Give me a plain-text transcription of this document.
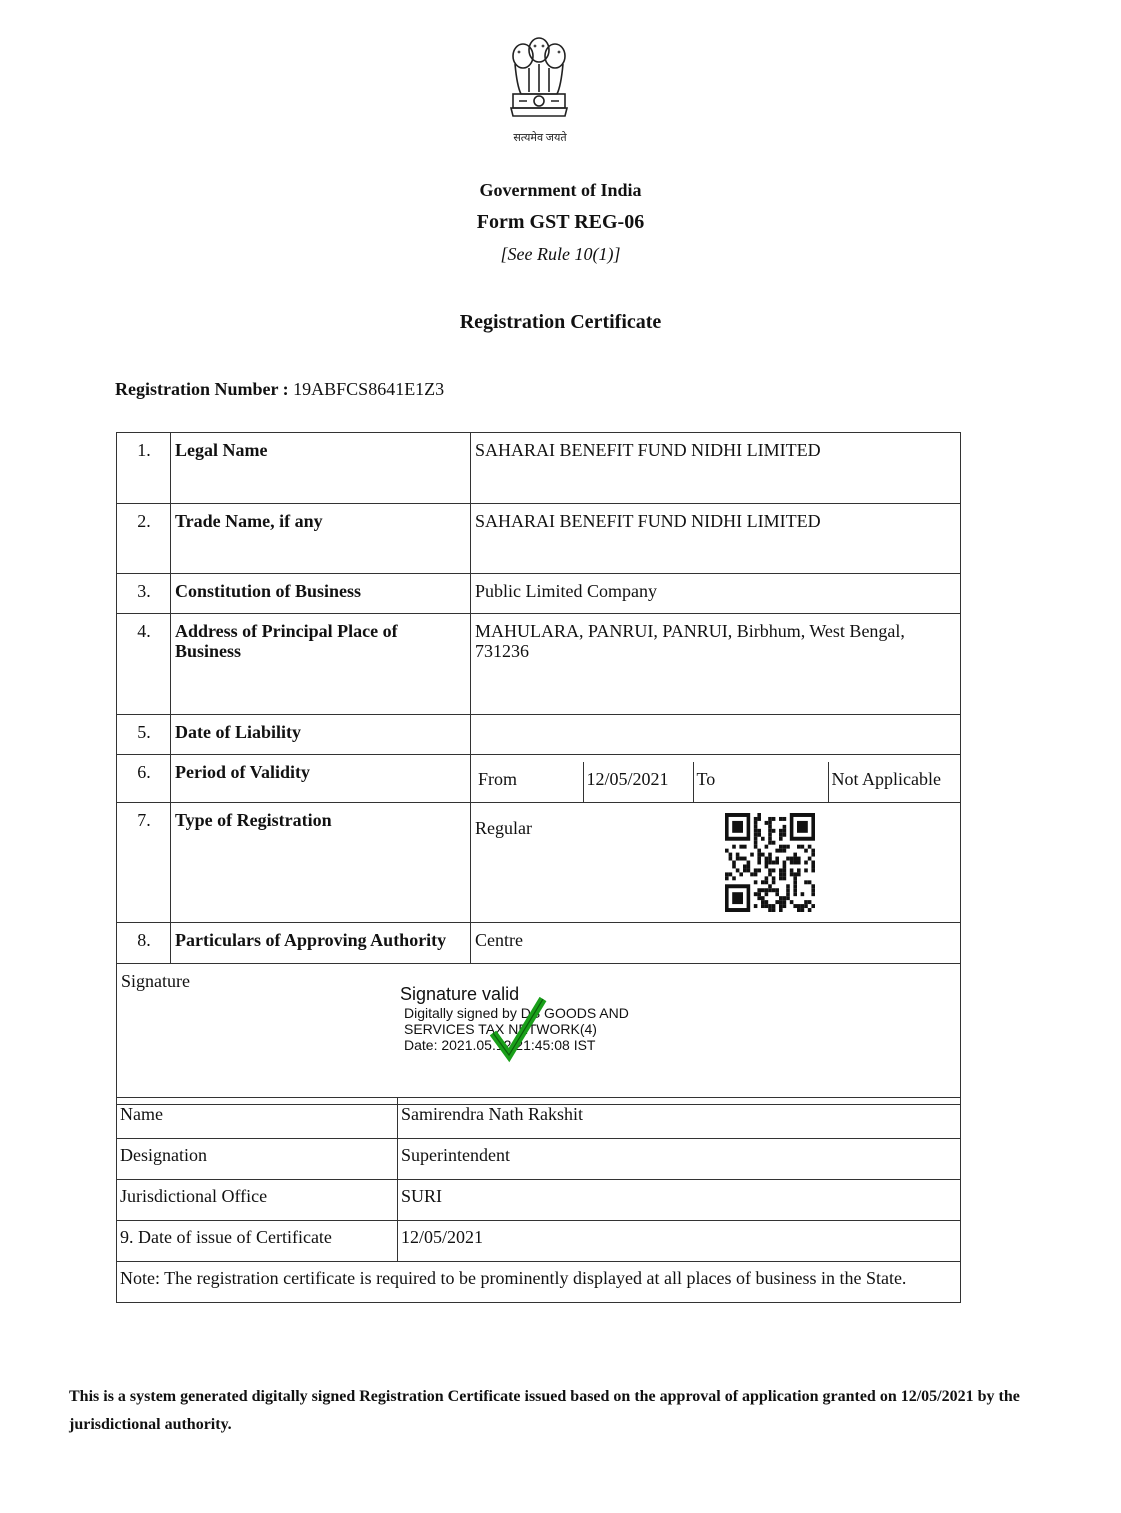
सत्यमेव जयते
Government of India
Form GST REG-06
[See Rule 10(1)]
Registration Certificate
Registration Number : 19ABFCS8641E1Z3
1.	Legal Name	SAHARAI BENEFIT FUND NIDHI LIMITED
2.	Trade Name, if any	SAHARAI BENEFIT FUND NIDHI LIMITED
3.	Constitution of Business	Public Limited Company
4.	Address of Principal Place of Business	MAHULARA, PANRUI, PANRUI, Birbhum, West Bengal, 731236
5.	Date of Liability	
6.	Period of Validity		From	12/05/2021	To	Not Applicable

7.	Type of Registration	Regular

8.	Particulars of Approving Authority	Centre

Signature
Signature valid
Digitally signed by DS GOODS AND
SERVICES TAX NETWORK(4)
Date: 2021.05.12 21:45:08 IST
Name	Samirendra Nath Rakshit
Designation	Superintendent
Jurisdictional Office	SURI
9. Date of issue of Certificate	12/05/2021
Note: The registration certificate is required to be prominently displayed at all places of business in the State.	
This is a system generated digitally signed Registration Certificate issued based on the approval of application granted on 12/05/2021 by the jurisdictional authority.
